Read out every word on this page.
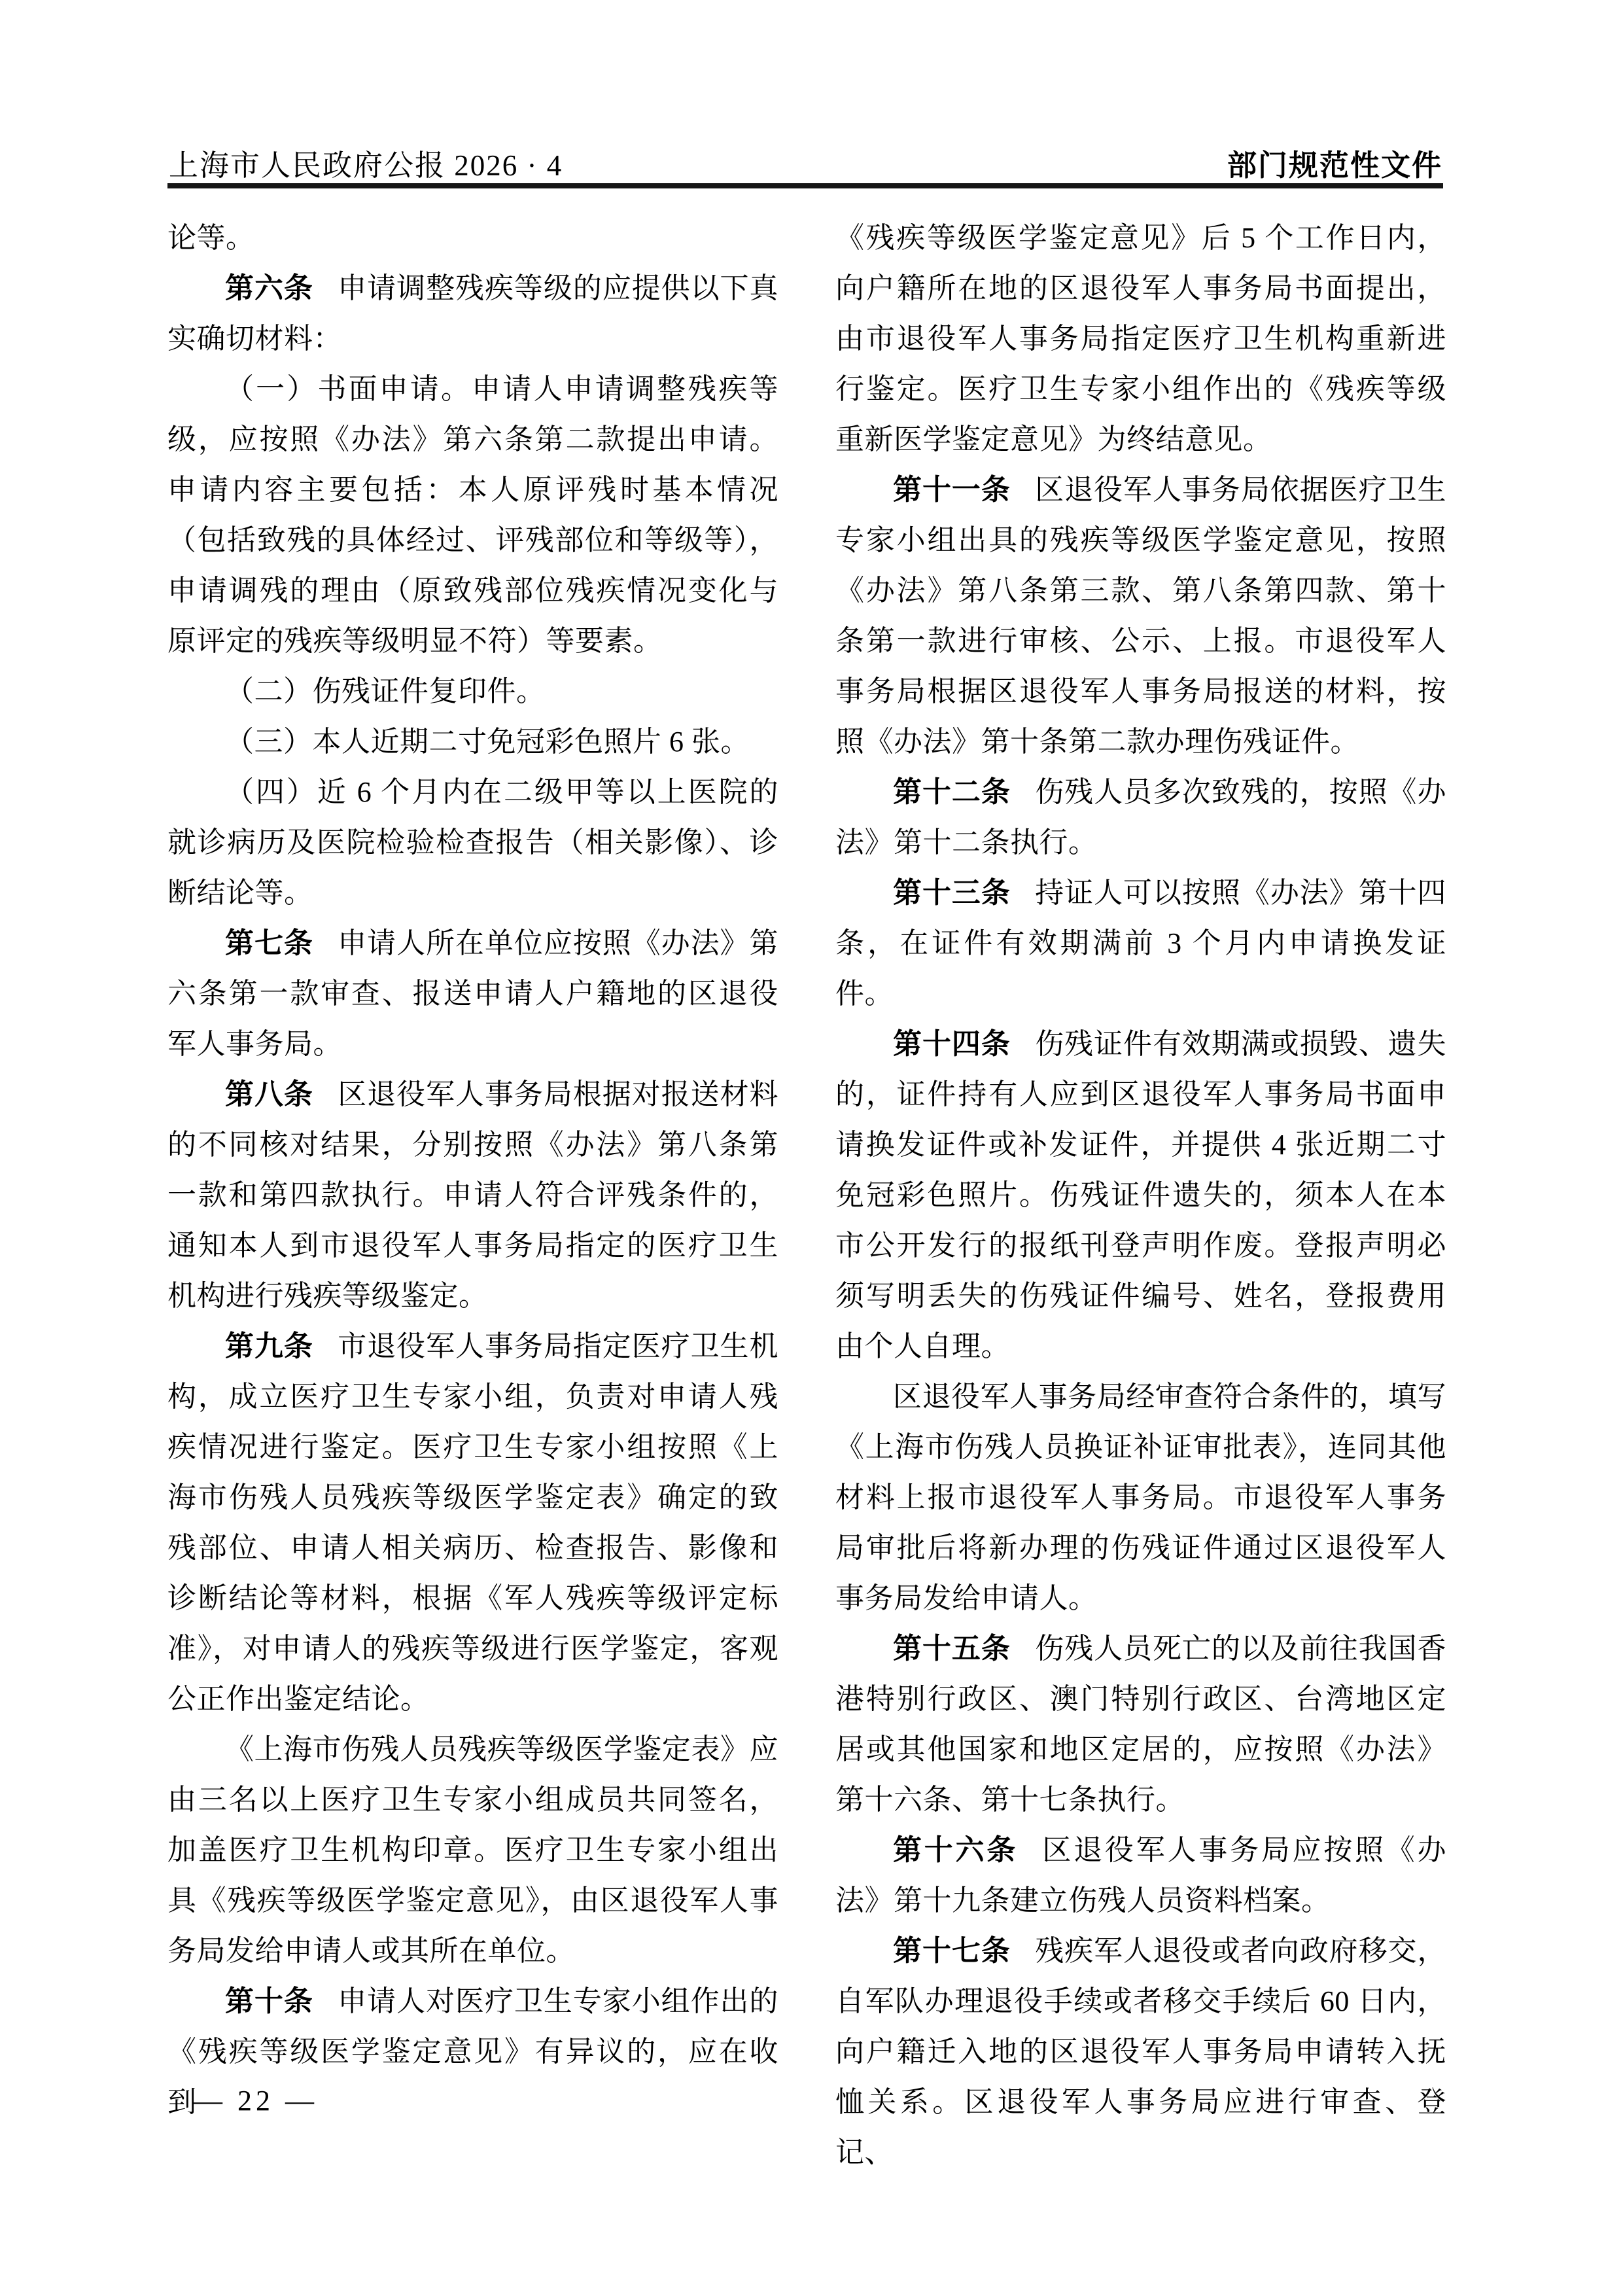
上海市人民政府公报 2026 · 4	部门规范性文件

论等。

第六条 申请调整残疾等级的应提供以下真实确切材料：

（一）书面申请。申请人申请调整残疾等级，应按照《办法》第六条第二款提出申请。申请内容主要包括：本人原评残时基本情况（包括致残的具体经过、评残部位和等级等），申请调残的理由（原致残部位残疾情况变化与原评定的残疾等级明显不符）等要素。

（二）伤残证件复印件。

（三）本人近期二寸免冠彩色照片 6 张。

（四）近 6 个月内在二级甲等以上医院的就诊病历及医院检验检查报告（相关影像）、诊断结论等。

第七条 申请人所在单位应按照《办法》第六条第一款审查、报送申请人户籍地的区退役军人事务局。

第八条 区退役军人事务局根据对报送材料的不同核对结果，分别按照《办法》第八条第一款和第四款执行。申请人符合评残条件的，通知本人到市退役军人事务局指定的医疗卫生机构进行残疾等级鉴定。

第九条 市退役军人事务局指定医疗卫生机构，成立医疗卫生专家小组，负责对申请人残疾情况进行鉴定。医疗卫生专家小组按照《上海市伤残人员残疾等级医学鉴定表》确定的致残部位、申请人相关病历、检查报告、影像和诊断结论等材料，根据《军人残疾等级评定标准》，对申请人的残疾等级进行医学鉴定，客观公正作出鉴定结论。

《上海市伤残人员残疾等级医学鉴定表》应由三名以上医疗卫生专家小组成员共同签名，加盖医疗卫生机构印章。医疗卫生专家小组出具《残疾等级医学鉴定意见》，由区退役军人事务局发给申请人或其所在单位。

第十条 申请人对医疗卫生专家小组作出的《残疾等级医学鉴定意见》有异议的，应在收到

《残疾等级医学鉴定意见》后 5 个工作日内，向户籍所在地的区退役军人事务局书面提出，由市退役军人事务局指定医疗卫生机构重新进行鉴定。医疗卫生专家小组作出的《残疾等级重新医学鉴定意见》为终结意见。

第十一条 区退役军人事务局依据医疗卫生专家小组出具的残疾等级医学鉴定意见，按照《办法》第八条第三款、第八条第四款、第十条第一款进行审核、公示、上报。市退役军人事务局根据区退役军人事务局报送的材料，按照《办法》第十条第二款办理伤残证件。

第十二条 伤残人员多次致残的，按照《办法》第十二条执行。

第十三条 持证人可以按照《办法》第十四条，在证件有效期满前 3 个月内申请换发证件。

第十四条 伤残证件有效期满或损毁、遗失的，证件持有人应到区退役军人事务局书面申请换发证件或补发证件，并提供 4 张近期二寸免冠彩色照片。伤残证件遗失的，须本人在本市公开发行的报纸刊登声明作废。登报声明必须写明丢失的伤残证件编号、姓名，登报费用由个人自理。

区退役军人事务局经审查符合条件的，填写《上海市伤残人员换证补证审批表》，连同其他材料上报市退役军人事务局。市退役军人事务局审批后将新办理的伤残证件通过区退役军人事务局发给申请人。

第十五条 伤残人员死亡的以及前往我国香港特别行政区、澳门特别行政区、台湾地区定居或其他国家和地区定居的，应按照《办法》第十六条、第十七条执行。

第十六条 区退役军人事务局应按照《办法》第十九条建立伤残人员资料档案。

第十七条 残疾军人退役或者向政府移交，自军队办理退役手续或者移交手续后 60 日内，向户籍迁入地的区退役军人事务局申请转入抚恤关系。区退役军人事务局应进行审查、登记、

— 22 —
